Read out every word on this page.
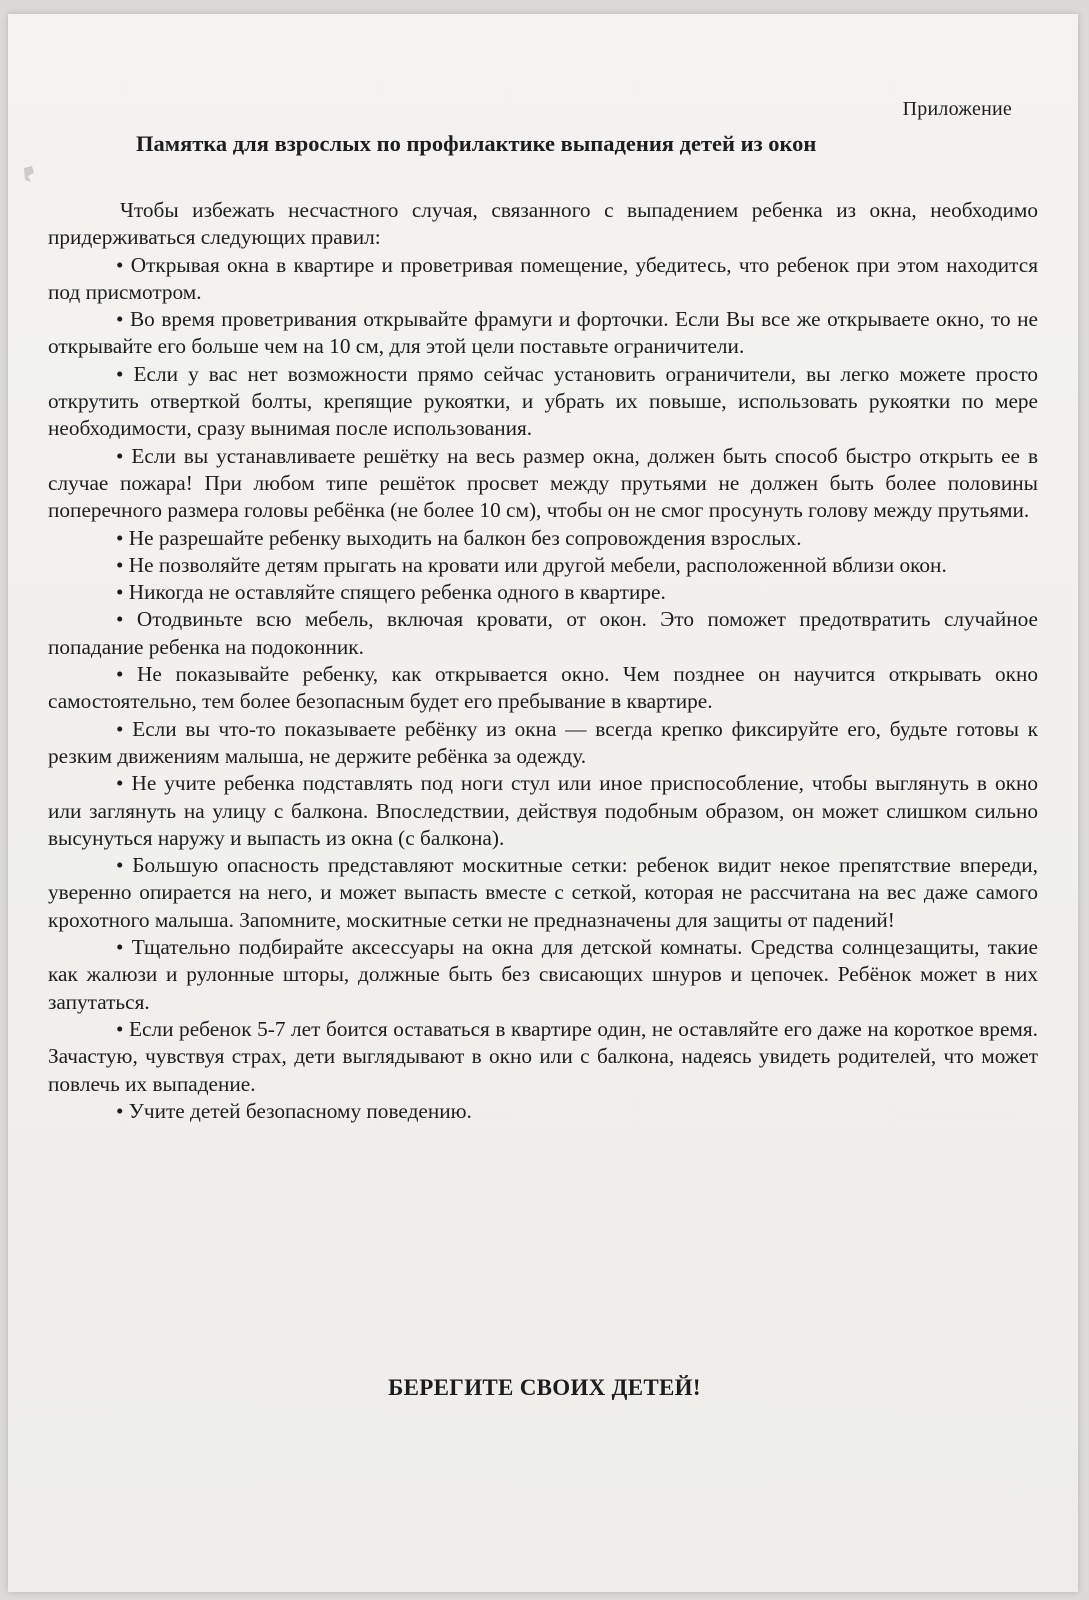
Приложение
Памятка для взрослых по профилактике выпадения детей из окон

Чтобы избежать несчастного случая, связанного с выпадением ребенка из окна, необходимо придерживаться следующих правил:

• Открывая окна в квартире и проветривая помещение, убедитесь, что ребенок при этом находится под присмотром.

• Во время проветривания открывайте фрамуги и форточки. Если Вы все же открываете окно, то не открывайте его больше чем на 10 см, для этой цели поставьте ограничители.

• Если у вас нет возможности прямо сейчас установить ограничители, вы легко можете просто открутить отверткой болты, крепящие рукоятки, и убрать их повыше, использовать рукоятки по мере необходимости, сразу вынимая после использования.

• Если вы устанавливаете решётку на весь размер окна, должен быть способ быстро открыть ее в случае пожара! При любом типе решёток просвет между прутьями не должен быть более половины поперечного размера головы ребёнка (не более 10 см), чтобы он не смог просунуть голову между прутьями.

• Не разрешайте ребенку выходить на балкон без сопровождения взрослых.

• Не позволяйте детям прыгать на кровати или другой мебели, расположенной вблизи окон.

• Никогда не оставляйте спящего ребенка одного в квартире.

• Отодвиньте всю мебель, включая кровати, от окон. Это поможет предотвратить случайное попадание ребенка на подоконник.

• Не показывайте ребенку, как открывается окно. Чем позднее он научится открывать окно самостоятельно, тем более безопасным будет его пребывание в квартире.

• Если вы что-то показываете ребёнку из окна — всегда крепко фиксируйте его, будьте готовы к резким движениям малыша, не держите ребёнка за одежду.

• Не учите ребенка подставлять под ноги стул или иное приспособление, чтобы выглянуть в окно или заглянуть на улицу с балкона. Впоследствии, действуя подобным образом, он может слишком сильно высунуться наружу и выпасть из окна (с балкона).

• Большую опасность представляют москитные сетки: ребенок видит некое препятствие впереди, уверенно опирается на него, и может выпасть вместе с сеткой, которая не рассчитана на вес даже самого крохотного малыша. Запомните, москитные сетки не предназначены для защиты от падений!

• Тщательно подбирайте аксессуары на окна для детской комнаты. Средства солнцезащиты, такие как жалюзи и рулонные шторы, должные быть без свисающих шнуров и цепочек. Ребёнок может в них запутаться.

• Если ребенок 5-7 лет боится оставаться в квартире один, не оставляйте его даже на короткое время. Зачастую, чувствуя страх, дети выглядывают в окно или с балкона, надеясь увидеть родителей, что может повлечь их выпадение.

• Учите детей безопасному поведению.

БЕРЕГИТЕ СВОИХ ДЕТЕЙ!
